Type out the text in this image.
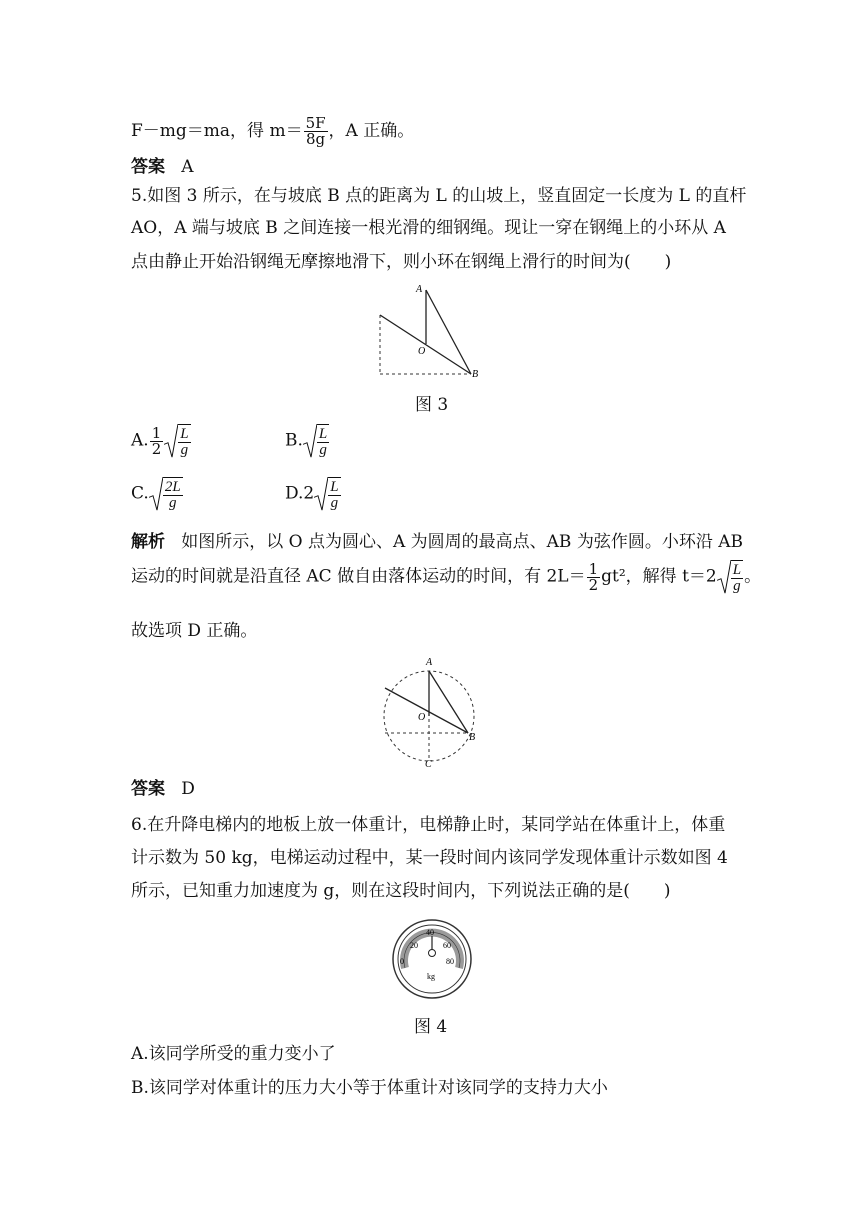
F－mg＝ma，得 $m= \frac{5F}{8g}$ ，A 正确。
答案 A
5.如图 3 所示，在与坡底 B 点的距离为 L 的山坡上，竖直固定一长度为 L 的直杆
AO，A 端与坡底 B 之间连接一根光滑的细钢绳。现让一穿在钢绳上的小环从 A
点由静止开始沿钢绳无摩擦地滑下，则小环在钢绳上滑行的时间为(　　)
A
O
B
图 3
A. $\frac{1}{2} \frac{L}{g}$	B. $\frac{L}{g}$
C. $\frac{2L}{g}$	$D.2 \frac{L}{g}$
解析 如图所示，以 O 点为圆心、A 为圆周的最高点、AB 为弦作圆。小环沿 AB
运动的时间就是沿直径 AC 做自由落体运动的时间，有 $2L= \frac{1}{2} gt^2$，解得 $t=2 \frac{L}{g}$ 。
故选项 D 正确。
A
O
B
C
答案 D
6.在升降电梯内的地板上放一体重计，电梯静止时，某同学站在体重计上，体重
计示数为 50 kg，电梯运动过程中，某一段时间内该同学发现体重计示数如图 4
所示，已知重力加速度为 g，则在这段时间内，下列说法正确的是(　　)
0
20
40
60
80
kg
图 4
A.该同学所受的重力变小了
B.该同学对体重计的压力大小等于体重计对该同学的支持力大小
